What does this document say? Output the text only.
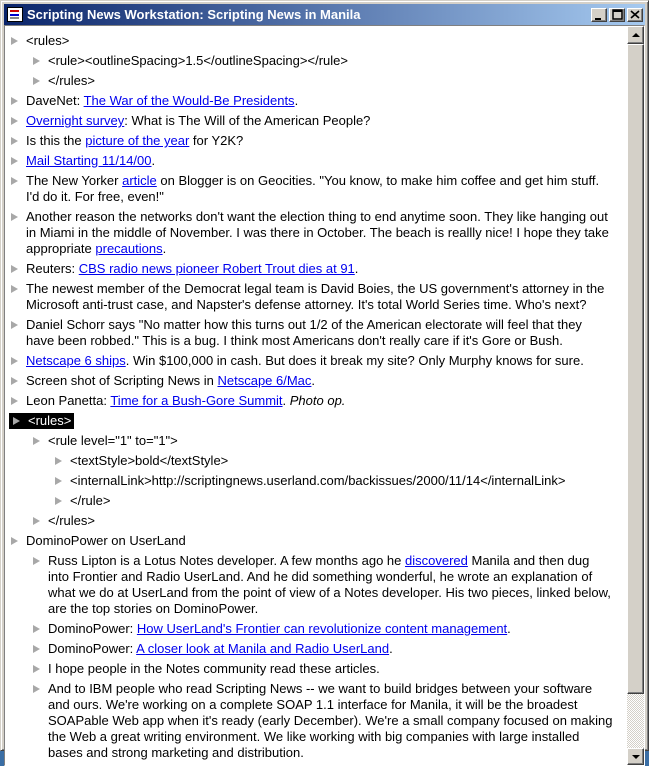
Scripting News Workstation: Scripting News in Manila
<rules>
<rule><outlineSpacing>1.5</outlineSpacing></rule>
</rules>
DaveNet: The War of the Would-Be Presidents.
Overnight survey: What is The Will of the American People?
Is this the picture of the year for Y2K?
Mail Starting 11/14/00.
The New Yorker article on Blogger is on Geocities. "You know, to make him coffee and get him stuff. I'd do it. For free, even!"
Another reason the networks don't want the election thing to end anytime soon. They like hanging out in Miami in the middle of November. I was there in October. The beach is reallly nice! I hope they take appropriate precautions.
Reuters: CBS radio news pioneer Robert Trout dies at 91.
The newest member of the Democrat legal team is David Boies, the US government's attorney in the Microsoft anti-trust case, and Napster's defense attorney. It's total World Series time. Who's next?
Daniel Schorr says "No matter how this turns out 1/2 of the American electorate will feel that they have been robbed." This is a bug. I think most Americans don't really care if it's Gore or Bush.
Netscape 6 ships. Win $100,000 in cash. But does it break my site? Only Murphy knows for sure.
Screen shot of Scripting News in Netscape 6/Mac.
Leon Panetta: Time for a Bush-Gore Summit. Photo op.
<rules>
<rule level="1" to="1">
<textStyle>bold</textStyle>
<internalLink>http://scriptingnews.userland.com/backissues/2000/11/14</internalLink>
</rule>
</rules>
DominoPower on UserLand
Russ Lipton is a Lotus Notes developer. A few months ago he discovered Manila and then dug into Frontier and Radio UserLand. And he did something wonderful, he wrote an explanation of what we do at UserLand from the point of view of a Notes developer. His two pieces, linked below, are the top stories on DominoPower.
DominoPower: How UserLand's Frontier can revolutionize content management.
DominoPower: A closer look at Manila and Radio UserLand.
I hope people in the Notes community read these articles.
And to IBM people who read Scripting News -- we want to build bridges between your software and ours. We're working on a complete SOAP 1.1 interface for Manila, it will be the broadest SOAPable Web app when it's ready (early December). We're a small company focused on making the Web a great writing environment. We like working with big companies with large installed bases and strong marketing and distribution.
